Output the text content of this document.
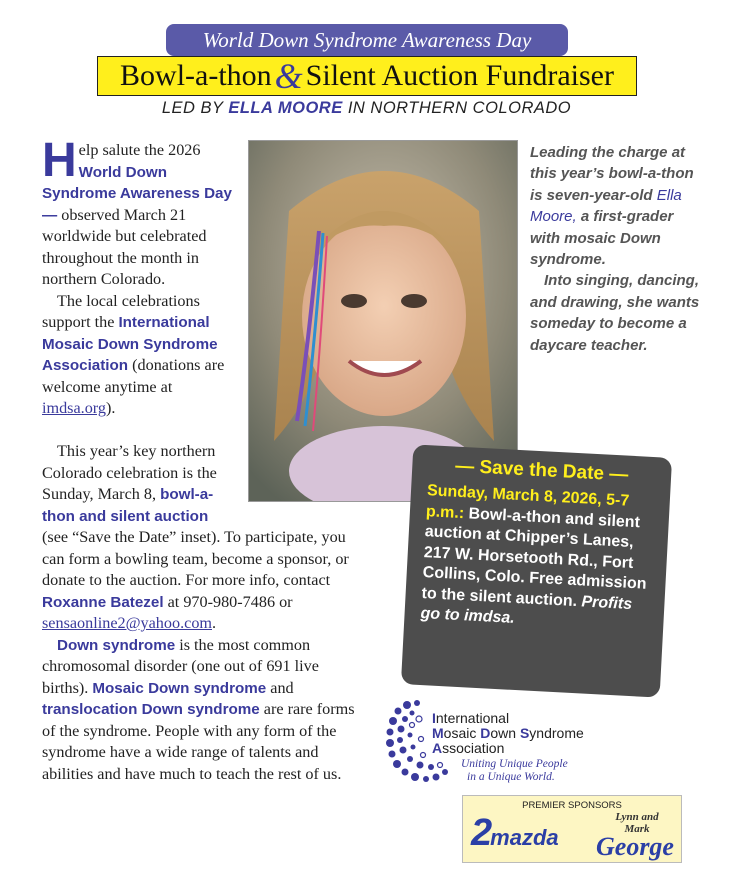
World Down Syndrome Awareness Day
Bowl-a-thon & Silent Auction Fundraiser
LED BY ELLA MOORE IN NORTHERN COLORADO

Help salute the 2026 World Down Syndrome Awareness Day — observed March 21 worldwide but celebrated throughout the month in northern Colorado.

The local celebrations support the International Mosaic Down Syndrome Association (donations are welcome anytime at imdsa.org).

This year’s key northern Colorado celebration is the Sunday, March 8, bowl-a-thon and silent auction

(see “Save the Date” inset). To participate, you can form a bowling team, become a sponsor, or donate to the auction. For more info, contact Roxanne Batezel at 970-980-7486 or sensaonline2@yahoo.com.

Down syndrome is the most common chromosomal disorder (one out of 691 live births). Mosaic Down syndrome and translocation Down syndrome are rare forms of the syndrome. People with any form of the syndrome have a wide range of talents and abilities and have much to teach the rest of us.

Leading the charge at this year’s bowl-a-thon is seven-year-old Ella Moore, a first-grader with mosaic Down syndrome.

Into singing, dancing, and drawing, she wants someday to become a daycare teacher.

— Save the Date —
Sunday, March 8, 2026, 5-7 p.m.: Bowl-a-thon and silent auction at Chipper’s Lanes, 217 W. Horsetooth Rd., Fort Collins, Colo. Free admission to the silent auction. Profits go to imdsa.
International
Mosaic Down Syndrome
Association
Uniting Unique People
in a Unique World.
PREMIER SPONSORS
2mazda
Lynn and Mark
George
